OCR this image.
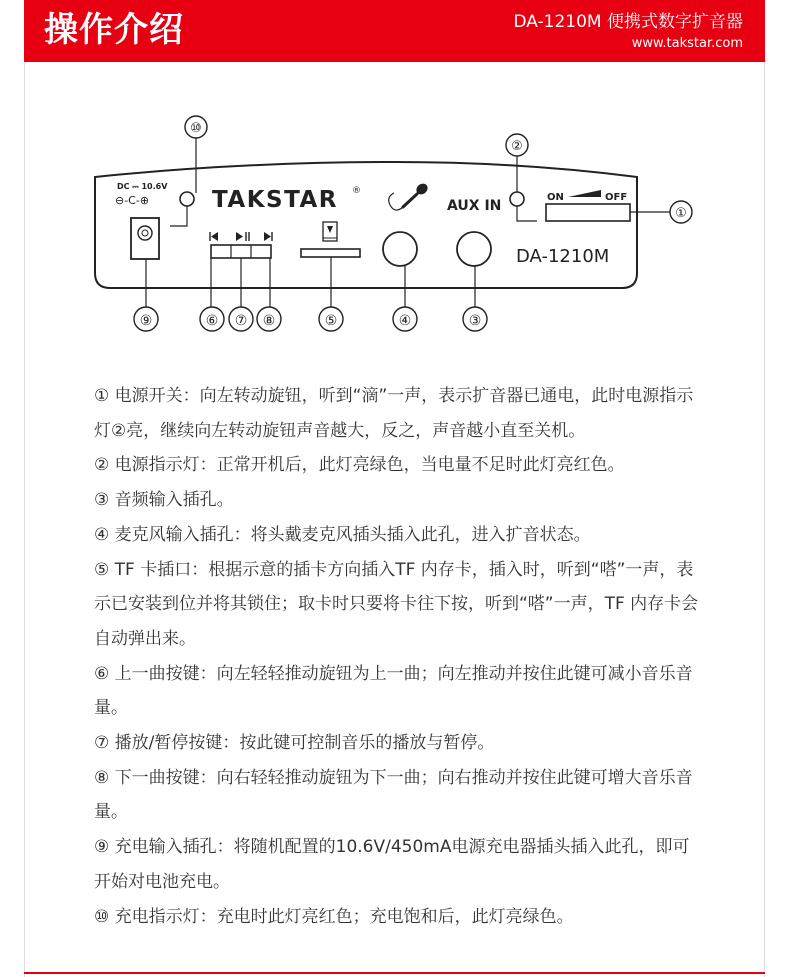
操作介绍	DA-1210M 便携式数字扩音器
www.takstar.com
DC ⎓ 10.6V
⊖-C-⊕
⑩
⑨
TAKSTAR ®
⑥ ⑦ ⑧	⑤	④
AUX IN
③
②
ON	OFF
①
DA-1210M

① 电源开关：向左转动旋钮，听到“滴”一声，表示扩音器已通电，此时电源指示灯②亮，继续向左转动旋钮声音越大，反之，声音越小直至关机。

② 电源指示灯：正常开机后，此灯亮绿色，当电量不足时此灯亮红色。

③ 音频输入插孔。

④ 麦克风输入插孔：将头戴麦克风插头插入此孔，进入扩音状态。

⑤ TF 卡插口：根据示意的插卡方向插入TF 内存卡，插入时，听到“嗒”一声，表示已安装到位并将其锁住；取卡时只要将卡往下按，听到“嗒”一声，TF 内存卡会自动弹出来。

⑥ 上一曲按键：向左轻轻推动旋钮为上一曲；向左推动并按住此键可减小音乐音量。

⑦ 播放/暂停按键：按此键可控制音乐的播放与暂停。

⑧ 下一曲按键：向右轻轻推动旋钮为下一曲；向右推动并按住此键可增大音乐音量。

⑨ 充电输入插孔：将随机配置的10.6V/450mA电源充电器插头插入此孔，即可开始对电池充电。

⑩ 充电指示灯：充电时此灯亮红色；充电饱和后，此灯亮绿色。
